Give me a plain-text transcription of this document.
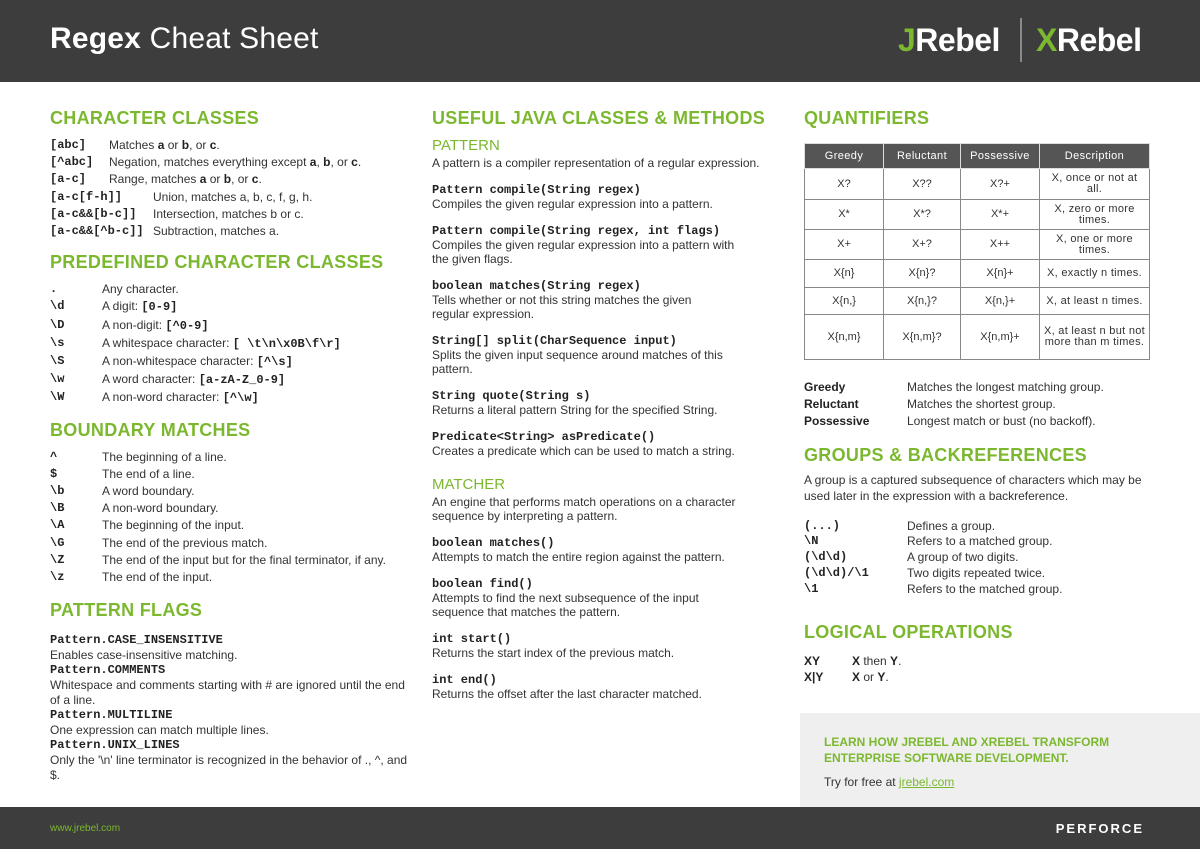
Regex Cheat Sheet	JRebel XRebel
CHARACTER CLASSES
[abc]	Matches a or b, or c.
[^abc]	Negation, matches everything except a, b, or c.
[a-c]	Range, matches a or b, or c.
[a-c[f-h]]	Union, matches a, b, c, f, g, h.
[a-c&&[b-c]]	Intersection, matches b or c.
[a-c&&[^b-c]] Subtraction, matches a.
PREDEFINED CHARACTER CLASSES
.	Any character.
\d	A digit: [0-9]
\D	A non-digit: [^0-9]
\s	A whitespace character: [ \t\n\x0B\f\r]
\S	A non-whitespace character: [^\s]
\w	A word character: [a-zA-Z_0-9]
\W	A non-word character: [^\w]
BOUNDARY MATCHES
^	The beginning of a line.
$	The end of a line.
\b	A word boundary.
\B	A non-word boundary.
\A	The beginning of the input.
\G	The end of the previous match.
\Z	The end of the input but for the final terminator, if any.
\z	The end of the input.
PATTERN FLAGS
Pattern.CASE_INSENSITIVE
Enables case-insensitive matching.
Pattern.COMMENTS
Whitespace and comments starting with # are ignored until the end of a line.
Pattern.MULTILINE
One expression can match multiple lines.
Pattern.UNIX_LINES
Only the '\n' line terminator is recognized in the behavior of ., ^, and $.
USEFUL JAVA CLASSES & METHODS
PATTERN
A pattern is a compiler representation of a regular expression.
Pattern compile(String regex)
Compiles the given regular expression into a pattern.
Pattern compile(String regex, int flags)
Compiles the given regular expression into a pattern with the given flags.
boolean matches(String regex)
Tells whether or not this string matches the given regular expression.
String[] split(CharSequence input)
Splits the given input sequence around matches of this pattern.
String quote(String s)
Returns a literal pattern String for the specified String.
Predicate<String> asPredicate()
Creates a predicate which can be used to match a string.
MATCHER
An engine that performs match operations on a character sequence by interpreting a pattern.
boolean matches()
Attempts to match the entire region against the pattern.
boolean find()
Attempts to find the next subsequence of the input sequence that matches the pattern.
int start()
Returns the start index of the previous match.
int end()
Returns the offset after the last character matched.
QUANTIFIERS
Greedy	Reluctant	Possessive	Description
X?	X??	X?+	X, once or not at all.
X*	X*?	X*+	X, zero or more times.
X+	X+?	X++	X, one or more times.
X{n}	X{n}?	X{n}+	X, exactly n times.
X{n,}	X{n,}?	X{n,}+	X, at least n times.
X{n,m}	X{n,m}?	X{n,m}+	X, at least n but not more than m times.
Greedy	Matches the longest matching group.
Reluctant	Matches the shortest group.
Possessive	Longest match or bust (no backoff).
GROUPS & BACKREFERENCES
A group is a captured subsequence of characters which may be used later in the expression with a backreference.
(...)	Defines a group.
\N	Refers to a matched group.
(\d\d)	A group of two digits.
(\d\d)/\1	Two digits repeated twice.
\1	Refers to the matched group.
LOGICAL OPERATIONS
XY	X then Y.
X|Y	X or Y.
LEARN HOW JREBEL AND XREBEL TRANSFORM ENTERPRISE SOFTWARE DEVELOPMENT.
Try for free at jrebel.com
www.jrebel.com	PERFORCE
